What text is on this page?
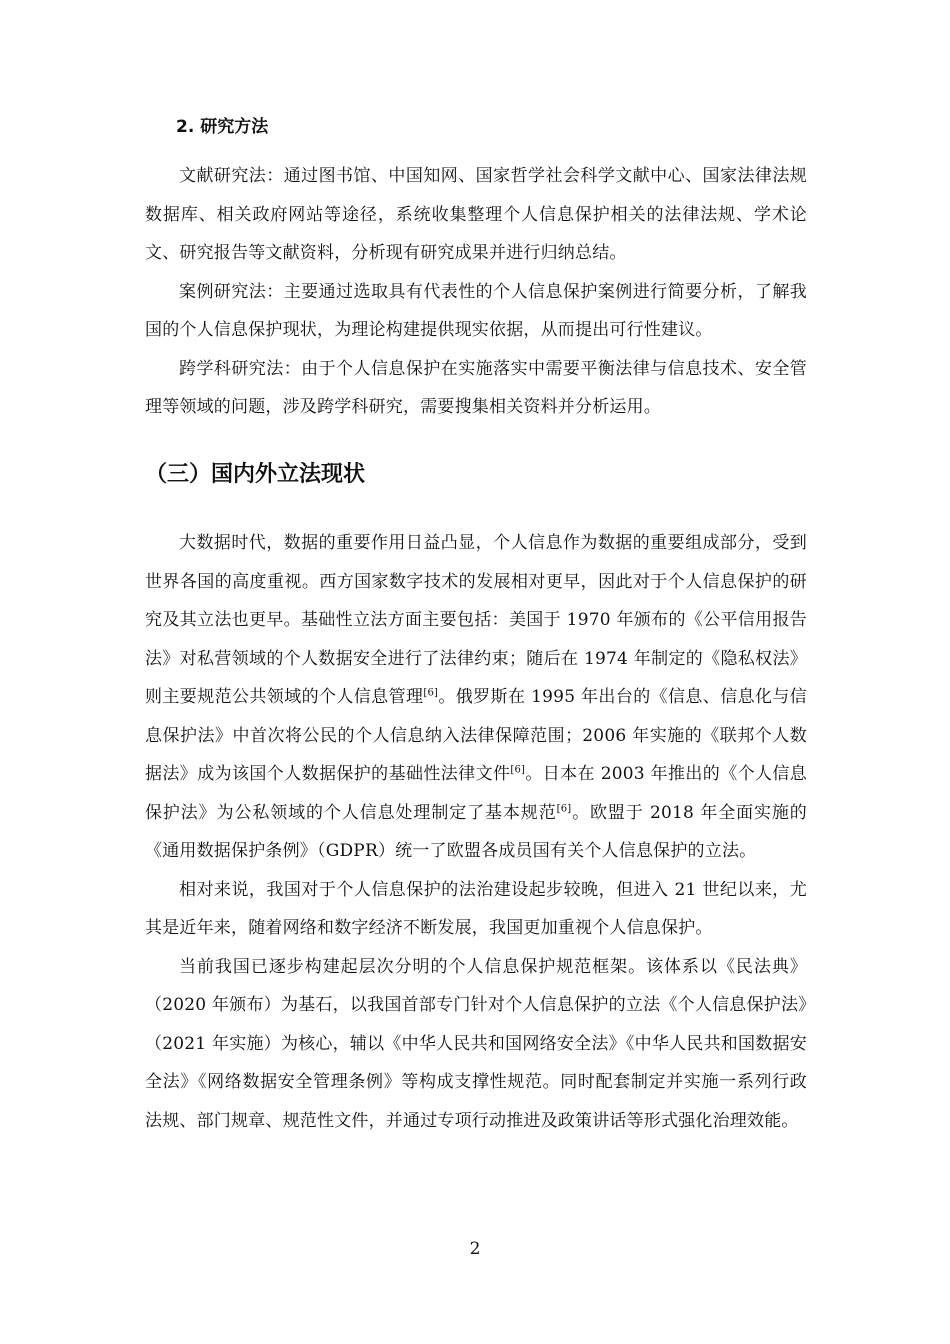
2. 研究方法

文献研究法：通过图书馆、中国知网、国家哲学社会科学文献中心、国家法律法规数据库、相关政府网站等途径，系统收集整理个人信息保护相关的法律法规、学术论文、研究报告等文献资料，分析现有研究成果并进行归纳总结。

案例研究法：主要通过选取具有代表性的个人信息保护案例进行简要分析，了解我国的个人信息保护现状，为理论构建提供现实依据，从而提出可行性建议。

跨学科研究法：由于个人信息保护在实施落实中需要平衡法律与信息技术、安全管理等领域的问题，涉及跨学科研究，需要搜集相关资料并分析运用。

（三）国内外立法现状

大数据时代，数据的重要作用日益凸显，个人信息作为数据的重要组成部分，受到世界各国的高度重视。西方国家数字技术的发展相对更早，因此对于个人信息保护的研究及其立法也更早。基础性立法方面主要包括：美国于 1970 年颁布的《公平信用报告法》对私营领域的个人数据安全进行了法律约束；随后在 1974 年制定的《隐私权法》则主要规范公共领域的个人信息管理[6]。俄罗斯在 1995 年出台的《信息、信息化与信息保护法》中首次将公民的个人信息纳入法律保障范围；2006 年实施的《联邦个人数据法》成为该国个人数据保护的基础性法律文件[6]。日本在 2003 年推出的《个人信息保护法》为公私领域的个人信息处理制定了基本规范[6]。欧盟于 2018 年全面实施的《通用数据保护条例》（GDPR）统一了欧盟各成员国有关个人信息保护的立法。

相对来说，我国对于个人信息保护的法治建设起步较晚，但进入 21 世纪以来，尤其是近年来，随着网络和数字经济不断发展，我国更加重视个人信息保护。

当前我国已逐步构建起层次分明的个人信息保护规范框架。该体系以《民法典》（2020 年颁布）为基石，以我国首部专门针对个人信息保护的立法《个人信息保护法》（2021 年实施）为核心，辅以《中华人民共和国网络安全法》《中华人民共和国数据安全法》《网络数据安全管理条例》等构成支撑性规范。同时配套制定并实施一系列行政法规、部门规章、规范性文件，并通过专项行动推进及政策讲话等形式强化治理效能。

2
